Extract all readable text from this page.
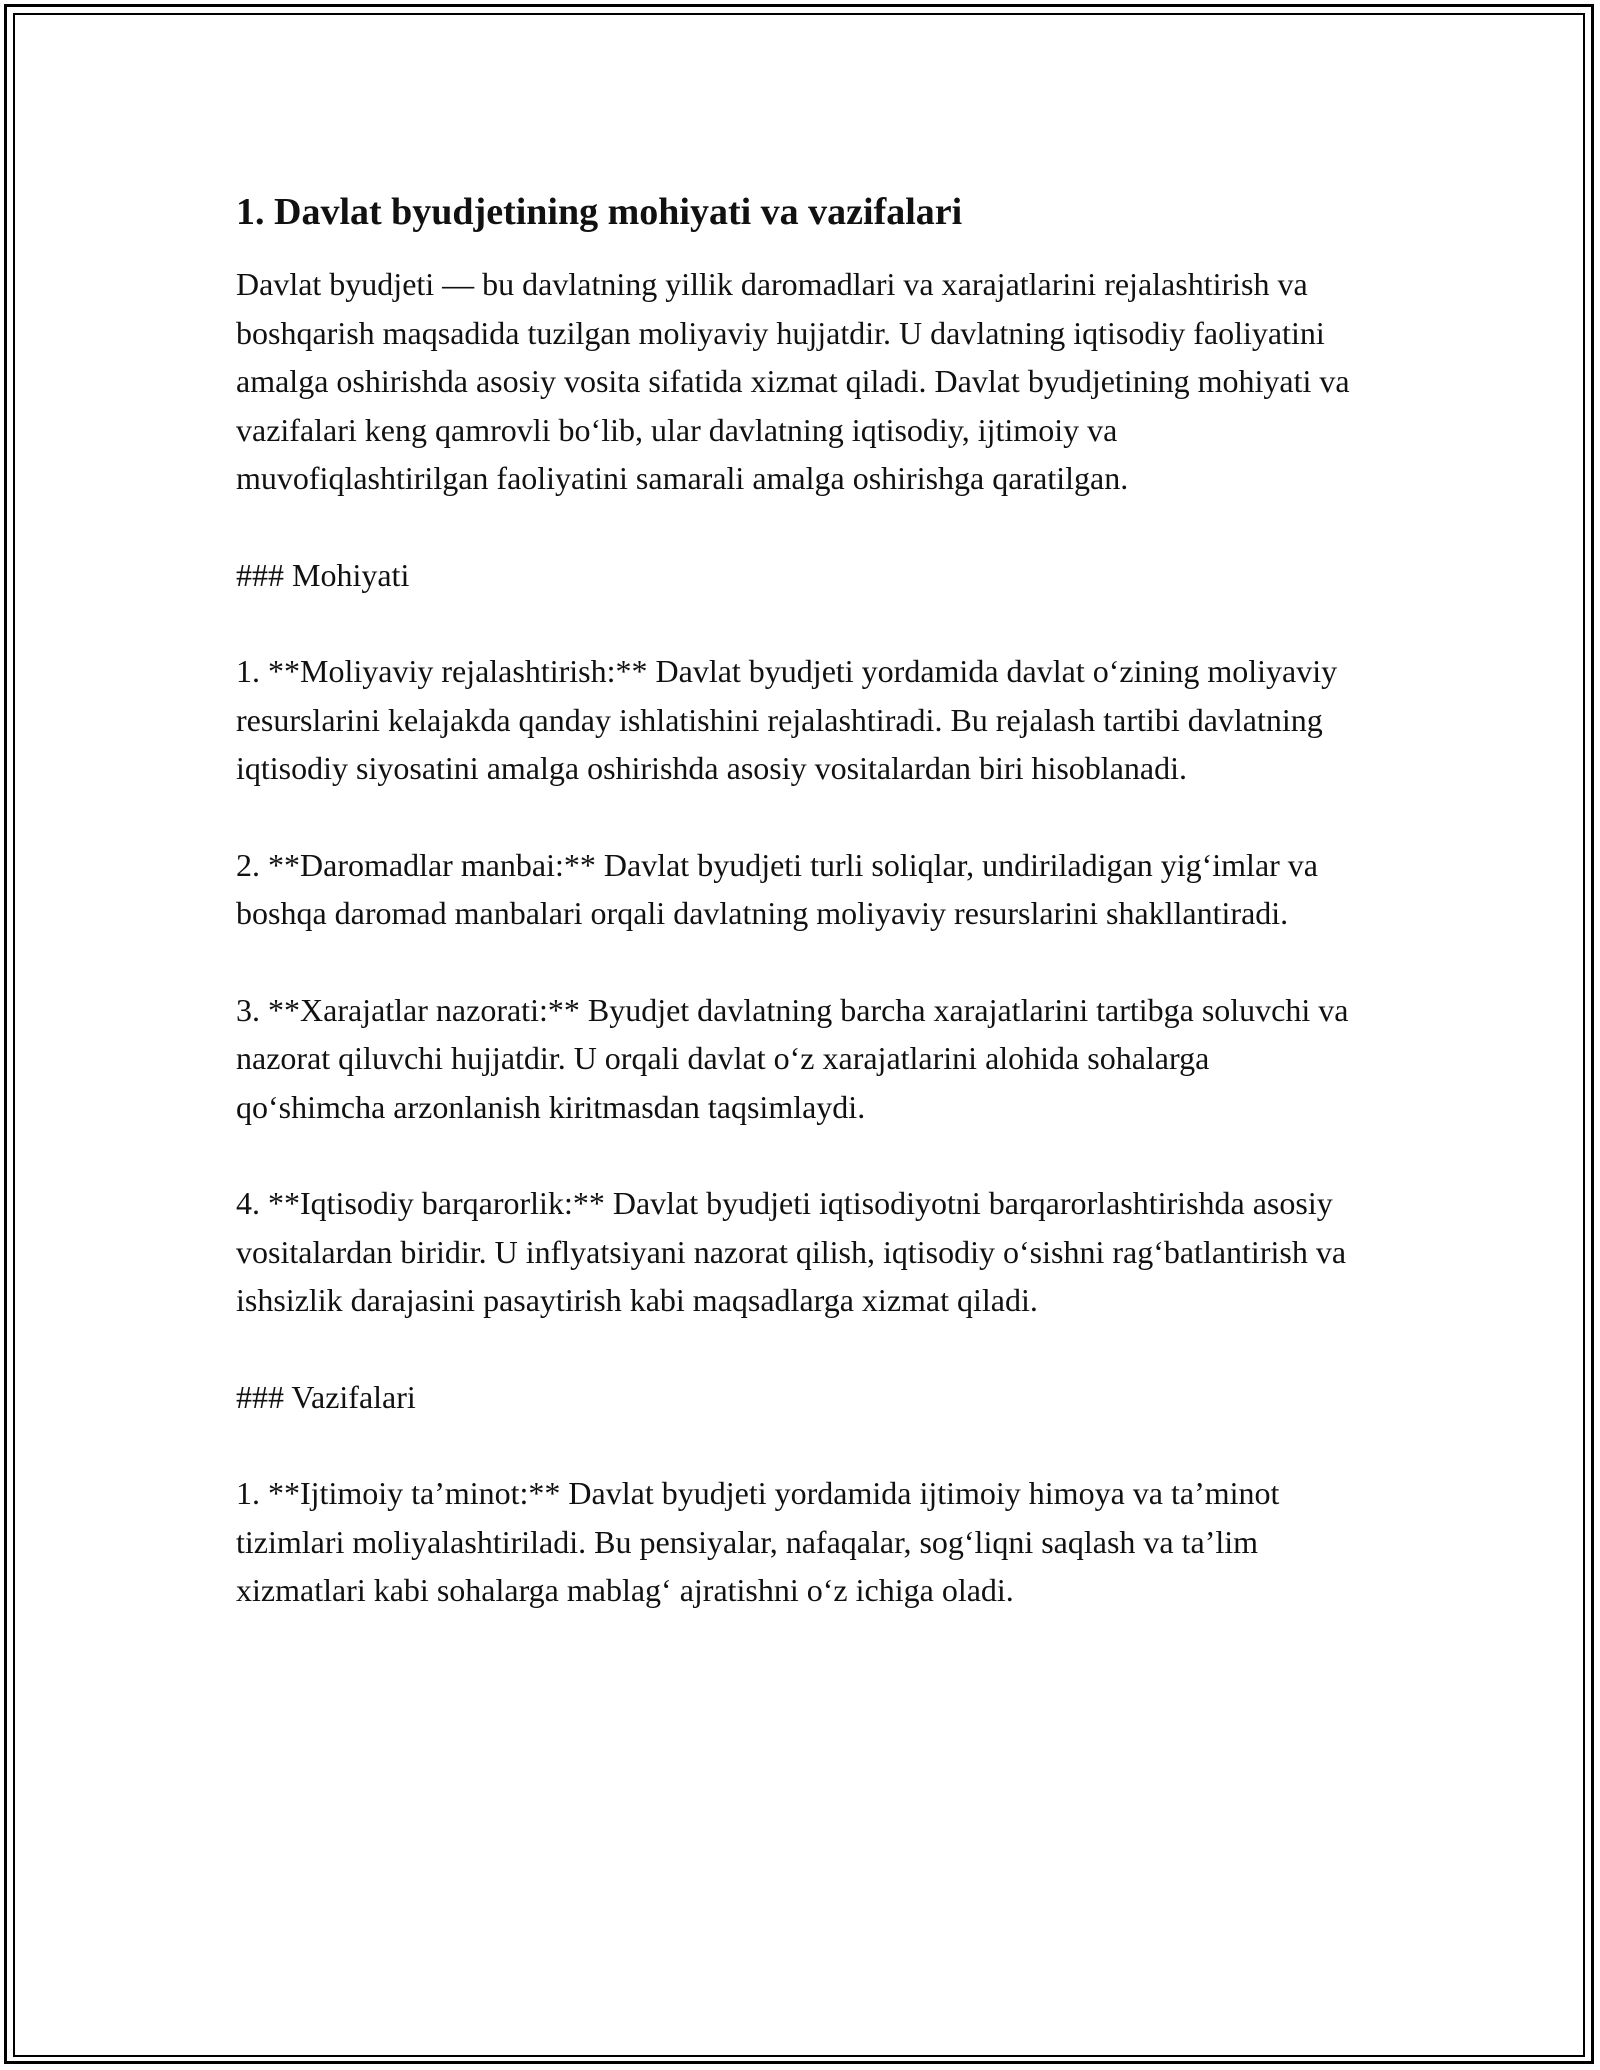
1. Davlat byudjetining mohiyati va vazifalari

Davlat byudjeti — bu davlatning yillik daromadlari va xarajatlarini rejalashtirish va boshqarish maqsadida tuzilgan moliyaviy hujjatdir. U davlatning iqtisodiy faoliyatini amalga oshirishda asosiy vosita sifatida xizmat qiladi. Davlat byudjetining mohiyati va vazifalari keng qamrovli bo‘lib, ular davlatning iqtisodiy, ijtimoiy va muvofiqlashtirilgan faoliyatini samarali amalga oshirishga qaratilgan.

### Mohiyati

1. **Moliyaviy rejalashtirish:** Davlat byudjeti yordamida davlat o‘zining moliyaviy resurslarini kelajakda qanday ishlatishini rejalashtiradi. Bu rejalash tartibi davlatning iqtisodiy siyosatini amalga oshirishda asosiy vositalardan biri hisoblanadi.

2. **Daromadlar manbai:** Davlat byudjeti turli soliqlar, undiriladigan yig‘imlar va boshqa daromad manbalari orqali davlatning moliyaviy resurslarini shakllantiradi.

3. **Xarajatlar nazorati:** Byudjet davlatning barcha xarajatlarini tartibga soluvchi va nazorat qiluvchi hujjatdir. U orqali davlat o‘z xarajatlarini alohida sohalarga qo‘shimcha arzonlanish kiritmasdan taqsimlaydi.

4. **Iqtisodiy barqarorlik:** Davlat byudjeti iqtisodiyotni barqarorlashtirishda asosiy vositalardan biridir. U inflyatsiyani nazorat qilish, iqtisodiy o‘sishni rag‘batlantirish va ishsizlik darajasini pasaytirish kabi maqsadlarga xizmat qiladi.

### Vazifalari

1. **Ijtimoiy ta’minot:** Davlat byudjeti yordamida ijtimoiy himoya va ta’minot tizimlari moliyalashtiriladi. Bu pensiyalar, nafaqalar, sog‘liqni saqlash va ta’lim xizmatlari kabi sohalarga mablag‘ ajratishni o‘z ichiga oladi.
